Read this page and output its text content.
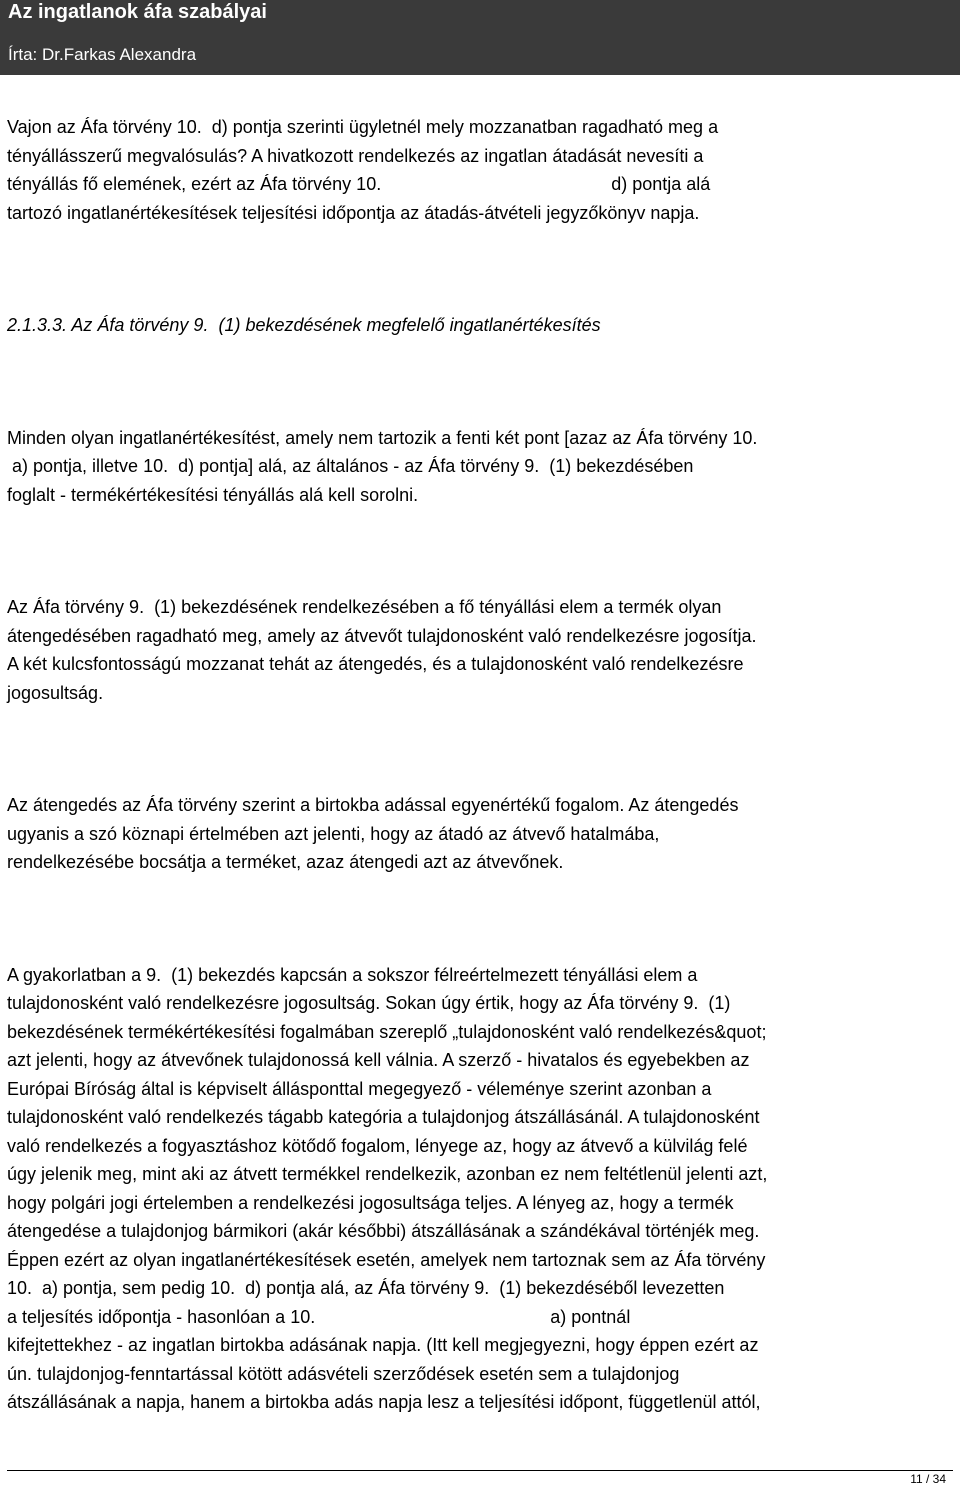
Az ingatlanok áfa szabályai
Írta: Dr.Farkas Alexandra
Vajon az Áfa törvény 10.  d) pontja szerinti ügyletnél mely mozzanatban ragadható meg a
tényállásszerű megvalósulás? A hivatkozott rendelkezés az ingatlan átadását nevesíti a
tényállás fő elemének, ezért az Áfa törvény 10.                                              d) pontja alá
tartozó ingatlanértékesítések teljesítési időpontja az átadás-átvételi jegyzőkönyv napja.
2.1.3.3. Az Áfa törvény 9.  (1) bekezdésének megfelelő ingatlanértékesítés
Minden olyan ingatlanértékesítést, amely nem tartozik a fenti két pont [azaz az Áfa törvény 10.
a) pontja, illetve 10.  d) pontja] alá, az általános - az Áfa törvény 9.  (1) bekezdésében
foglalt - termékértékesítési tényállás alá kell sorolni.
Az Áfa törvény 9.  (1) bekezdésének rendelkezésében a fő tényállási elem a termék olyan
átengedésében ragadható meg, amely az átvevőt tulajdonosként való rendelkezésre jogosítja.
A két kulcsfontosságú mozzanat tehát az átengedés, és a tulajdonosként való rendelkezésre
jogosultság.
Az átengedés az Áfa törvény szerint a birtokba adással egyenértékű fogalom. Az átengedés
ugyanis a szó köznapi értelmében azt jelenti, hogy az átadó az átvevő hatalmába,
rendelkezésébe bocsátja a terméket, azaz átengedi azt az átvevőnek.
A gyakorlatban a 9.  (1) bekezdés kapcsán a sokszor félreértelmezett tényállási elem a
tulajdonosként való rendelkezésre jogosultság. Sokan úgy értik, hogy az Áfa törvény 9.  (1)
bekezdésének termékértékesítési fogalmában szereplő „tulajdonosként való rendelkezés&quot;
azt jelenti, hogy az átvevőnek tulajdonossá kell válnia. A szerző - hivatalos és egyebekben az
Európai Bíróság által is képviselt állásponttal megegyező - véleménye szerint azonban a
tulajdonosként való rendelkezés tágabb kategória a tulajdonjog átszállásánál. A tulajdonosként
való rendelkezés a fogyasztáshoz kötődő fogalom, lényege az, hogy az átvevő a külvilág felé
úgy jelenik meg, mint aki az átvett termékkel rendelkezik, azonban ez nem feltétlenül jelenti azt,
hogy polgári jogi értelemben a rendelkezési jogosultsága teljes. A lényeg az, hogy a termék
átengedése a tulajdonjog bármikori (akár későbbi) átszállásának a szándékával történjék meg.
Éppen ezért az olyan ingatlanértékesítések esetén, amelyek nem tartoznak sem az Áfa törvény
10.  a) pontja, sem pedig 10.  d) pontja alá, az Áfa törvény 9.  (1) bekezdéséből levezetten
a teljesítés időpontja - hasonlóan a 10.                                               a) pontnál
kifejtettekhez - az ingatlan birtokba adásának napja. (Itt kell megjegyezni, hogy éppen ezért az
ún. tulajdonjog-fenntartással kötött adásvételi szerződések esetén sem a tulajdonjog
átszállásának a napja, hanem a birtokba adás napja lesz a teljesítési időpont, függetlenül attól,
11 / 34
